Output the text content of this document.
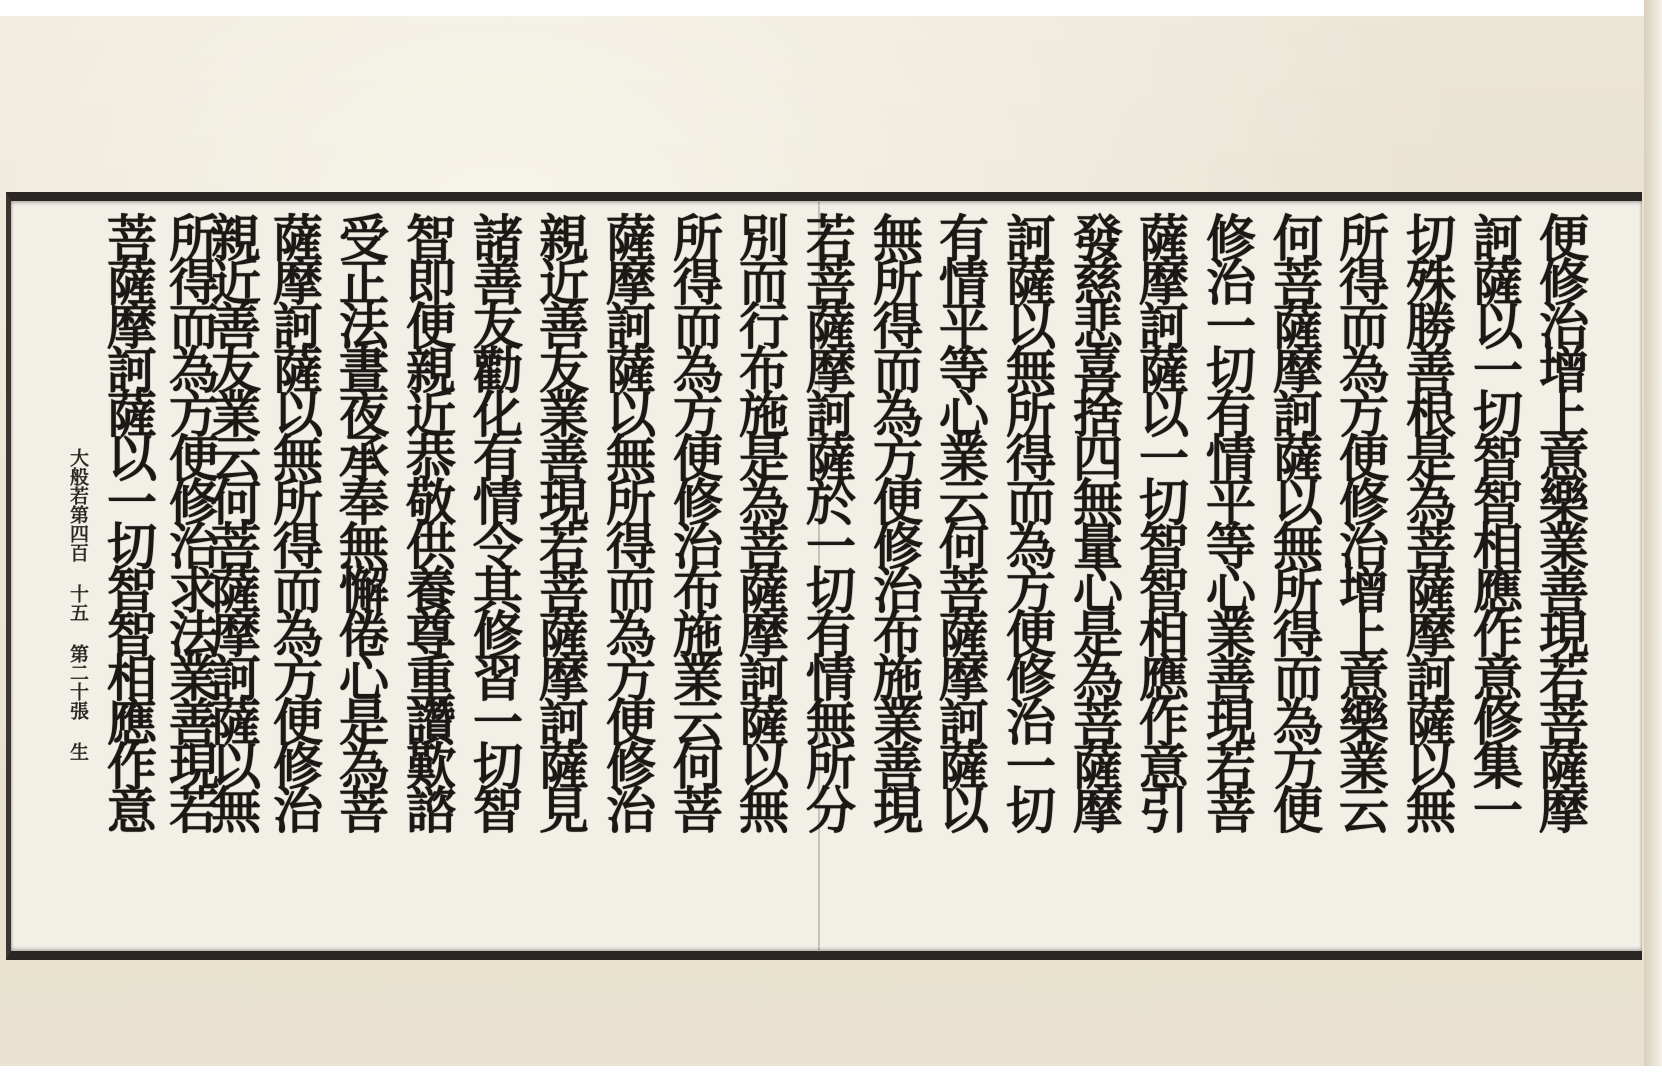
便修治增上意樂業善現若菩薩摩
訶薩以一切智智相應作意修集一
切殊勝善根是為菩薩摩訶薩以無
所得而為方便修治增上意樂業云
何菩薩摩訶薩以無所得而為方便
修治一切有情平等心業善現若菩
薩摩訶薩以一切智智相應作意引
發慈悲喜捨四無量心是為菩薩摩
訶薩以無所得而為方便修治一切
有情平等心業云何菩薩摩訶薩以
無所得而為方便修治布施業善現
若菩薩摩訶薩於一切有情無所分
別而行布施是為菩薩摩訶薩以無
所得而為方便修治布施業云何菩
薩摩訶薩以無所得而為方便修治
親近善友業善現若菩薩摩訶薩見
諸善友勸化有情令其修習一切智
智即便親近恭敬供養尊重讚歎諮
受正法晝夜承奉無懈倦心是為菩
薩摩訶薩以無所得而為方便修治
親近善友業云何菩薩摩訶薩以無
所得而為方便修治求法業善現若
菩薩摩訶薩以一切智智相應作意
大般若第四百 十五 第二十張 生
